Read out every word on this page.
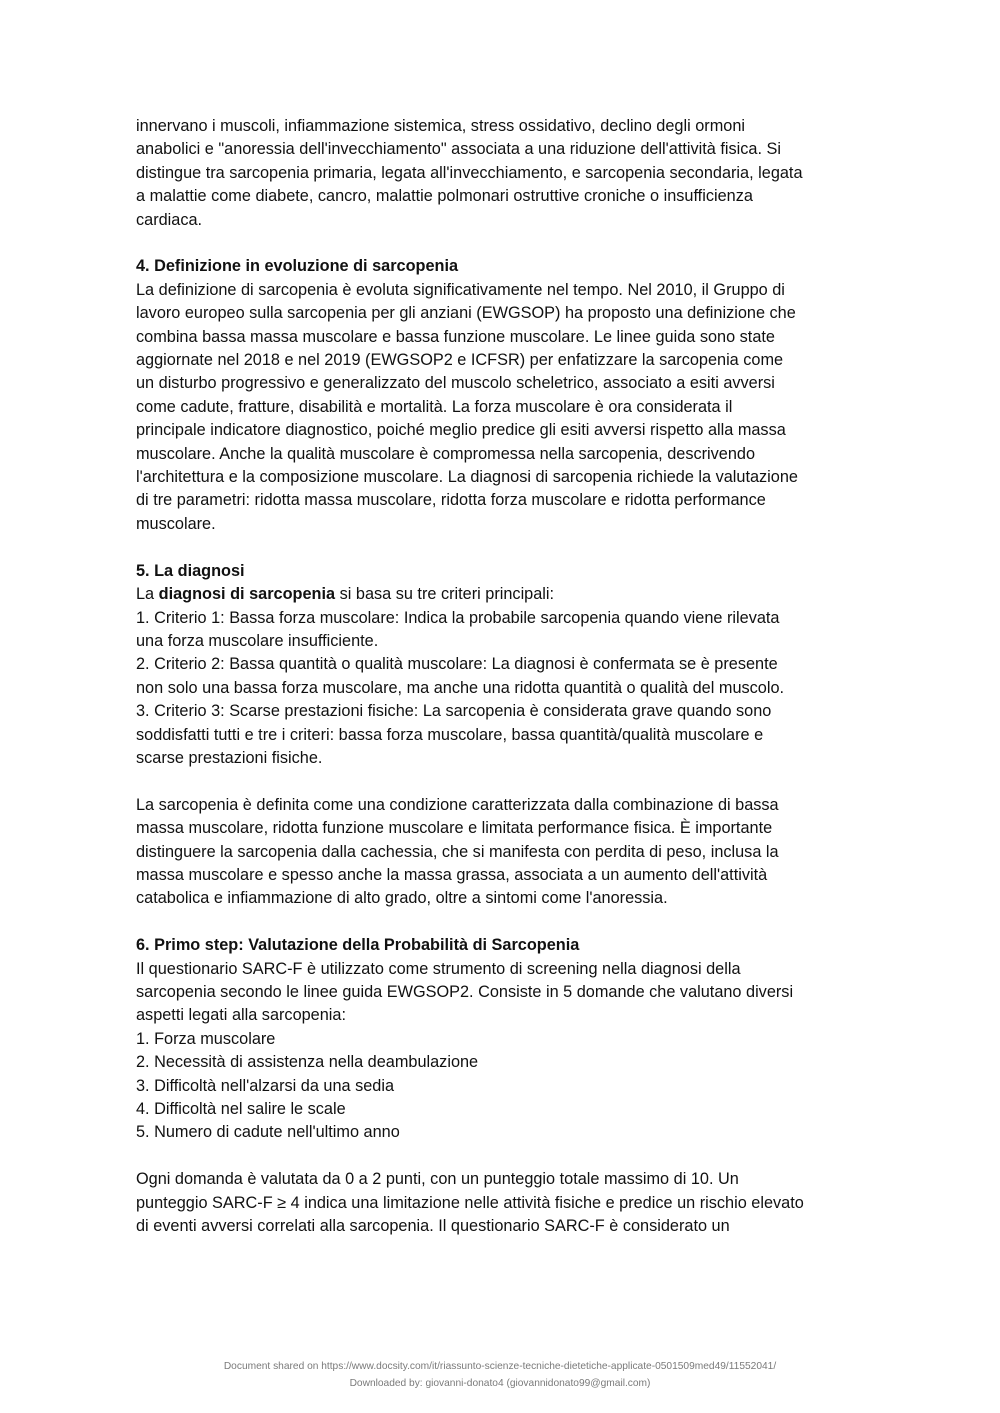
innervano i muscoli, infiammazione sistemica, stress ossidativo, declino degli ormoni
anabolici e "anoressia dell'invecchiamento" associata a una riduzione dell'attività fisica. Si
distingue tra sarcopenia primaria, legata all'invecchiamento, e sarcopenia secondaria, legata
a malattie come diabete, cancro, malattie polmonari ostruttive croniche o insufficienza
cardiaca.
4. Definizione in evoluzione di sarcopenia
La definizione di sarcopenia è evoluta significativamente nel tempo. Nel 2010, il Gruppo di
lavoro europeo sulla sarcopenia per gli anziani (EWGSOP) ha proposto una definizione che
combina bassa massa muscolare e bassa funzione muscolare. Le linee guida sono state
aggiornate nel 2018 e nel 2019 (EWGSOP2 e ICFSR) per enfatizzare la sarcopenia come
un disturbo progressivo e generalizzato del muscolo scheletrico, associato a esiti avversi
come cadute, fratture, disabilità e mortalità. La forza muscolare è ora considerata il
principale indicatore diagnostico, poiché meglio predice gli esiti avversi rispetto alla massa
muscolare. Anche la qualità muscolare è compromessa nella sarcopenia, descrivendo
l'architettura e la composizione muscolare. La diagnosi di sarcopenia richiede la valutazione
di tre parametri: ridotta massa muscolare, ridotta forza muscolare e ridotta performance
muscolare.
5. La diagnosi
La diagnosi di sarcopenia si basa su tre criteri principali:
1. Criterio 1: Bassa forza muscolare: Indica la probabile sarcopenia quando viene rilevata
una forza muscolare insufficiente.
2. Criterio 2: Bassa quantità o qualità muscolare: La diagnosi è confermata se è presente
non solo una bassa forza muscolare, ma anche una ridotta quantità o qualità del muscolo.
3. Criterio 3: Scarse prestazioni fisiche: La sarcopenia è considerata grave quando sono
soddisfatti tutti e tre i criteri: bassa forza muscolare, bassa quantità/qualità muscolare e
scarse prestazioni fisiche.
La sarcopenia è definita come una condizione caratterizzata dalla combinazione di bassa
massa muscolare, ridotta funzione muscolare e limitata performance fisica. È importante
distinguere la sarcopenia dalla cachessia, che si manifesta con perdita di peso, inclusa la
massa muscolare e spesso anche la massa grassa, associata a un aumento dell'attività
catabolica e infiammazione di alto grado, oltre a sintomi come l'anoressia.
6. Primo step: Valutazione della Probabilità di Sarcopenia
Il questionario SARC-F è utilizzato come strumento di screening nella diagnosi della
sarcopenia secondo le linee guida EWGSOP2. Consiste in 5 domande che valutano diversi
aspetti legati alla sarcopenia:
1. Forza muscolare
2. Necessità di assistenza nella deambulazione
3. Difficoltà nell'alzarsi da una sedia
4. Difficoltà nel salire le scale
5. Numero di cadute nell'ultimo anno
Ogni domanda è valutata da 0 a 2 punti, con un punteggio totale massimo di 10. Un
punteggio SARC-F ≥ 4 indica una limitazione nelle attività fisiche e predice un rischio elevato
di eventi avversi correlati alla sarcopenia. Il questionario SARC-F è considerato un
Document shared on https://www.docsity.com/it/riassunto-scienze-tecniche-dietetiche-applicate-0501509med49/11552041/
Downloaded by: giovanni-donato4 (giovannidonato99@gmail.com)
